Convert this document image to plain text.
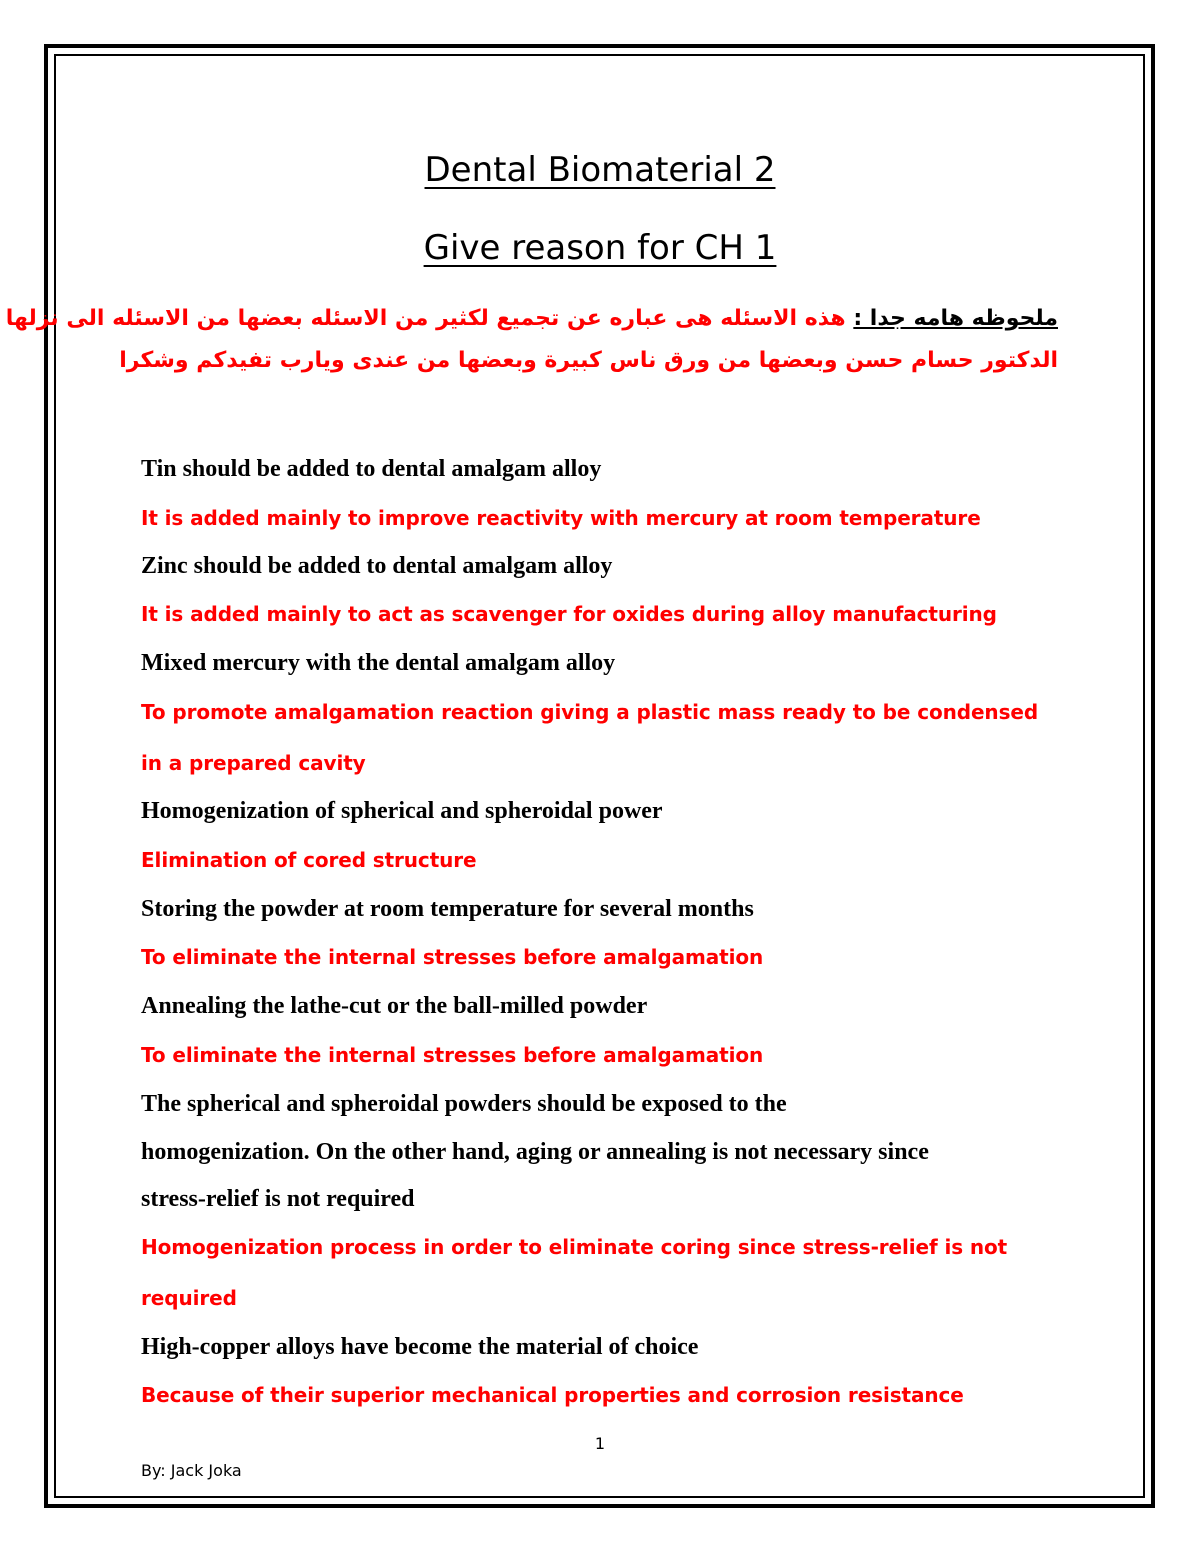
Dental Biomaterial 2
Give reason for CH 1
ملحوظه هامه جدا : هذه الاسئله هى عباره عن تجميع لكثير من الاسئله بعضها من الاسئله الى نزلها
الدكتور حسام حسن وبعضها من ورق ناس كبيرة وبعضها من عندى ويارب تفيدكم وشكرا

Tin should be added to dental amalgam alloy

It is added mainly to improve reactivity with mercury at room temperature

Zinc should be added to dental amalgam alloy

It is added mainly to act as scavenger for oxides during alloy manufacturing

Mixed mercury with the dental amalgam alloy

To promote amalgamation reaction giving a plastic mass ready to be condensed

in a prepared cavity

Homogenization of spherical and spheroidal power

Elimination of cored structure

Storing the powder at room temperature for several months

To eliminate the internal stresses before amalgamation

Annealing the lathe-cut or the ball-milled powder

To eliminate the internal stresses before amalgamation

The spherical and spheroidal powders should be exposed to the

homogenization. On the other hand, aging or annealing is not necessary since

stress-relief is not required

Homogenization process in order to eliminate coring since stress-relief is not

required

High-copper alloys have become the material of choice

Because of their superior mechanical properties and corrosion resistance

1
By: Jack Joka
